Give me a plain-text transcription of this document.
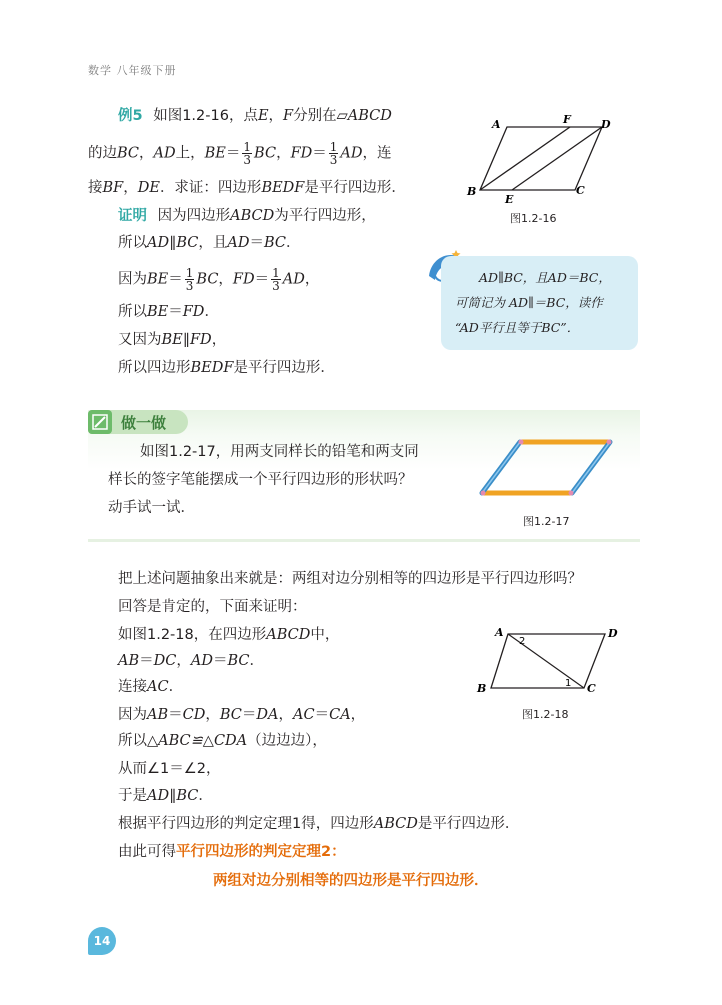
数学 八年级下册
例5 如图1.2-16，点E，F分别在▱ABCD
的边BC，AD上，$BE= \frac{1}{3}$ BC，$FD= \frac{1}{3}$ AD，连
接BF，DE．求证：四边形BEDF是平行四边形．
证明 因为四边形ABCD为平行四边形，
所以AD∥BC，且AD＝BC．
因为$BE= \frac{1}{3}$ BC，$FD= \frac{1}{3}$ AD，
所以BE＝FD．
又因为BE∥FD，
所以四边形BEDF是平行四边形．
A	F	D
B
E
C
图1.2-16
AD∥BC，且AD＝BC，
可简记为 AD∥＝BC，读作
“AD平行且等于BC”．
做一做
如图1.2-17，用两支同样长的铅笔和两支同
样长的签字笔能摆成一个平行四边形的形状吗？
动手试一试．
图1.2-17
把上述问题抽象出来就是：两组对边分别相等的四边形是平行四边形吗？
回答是肯定的，下面来证明：
如图1.2-18，在四边形ABCD中，
AB＝DC，AD＝BC．
连接AC．
因为AB＝CD，BC＝DA，AC＝CA，
所以△ABC≌△CDA（边边边），
从而∠1＝∠2，
于是AD∥BC．
根据平行四边形的判定定理1得，四边形ABCD是平行四边形．
由此可得平行四边形的判定定理2：
两组对边分别相等的四边形是平行四边形．
A	D
B	C
2
1
图1.2-18
14
